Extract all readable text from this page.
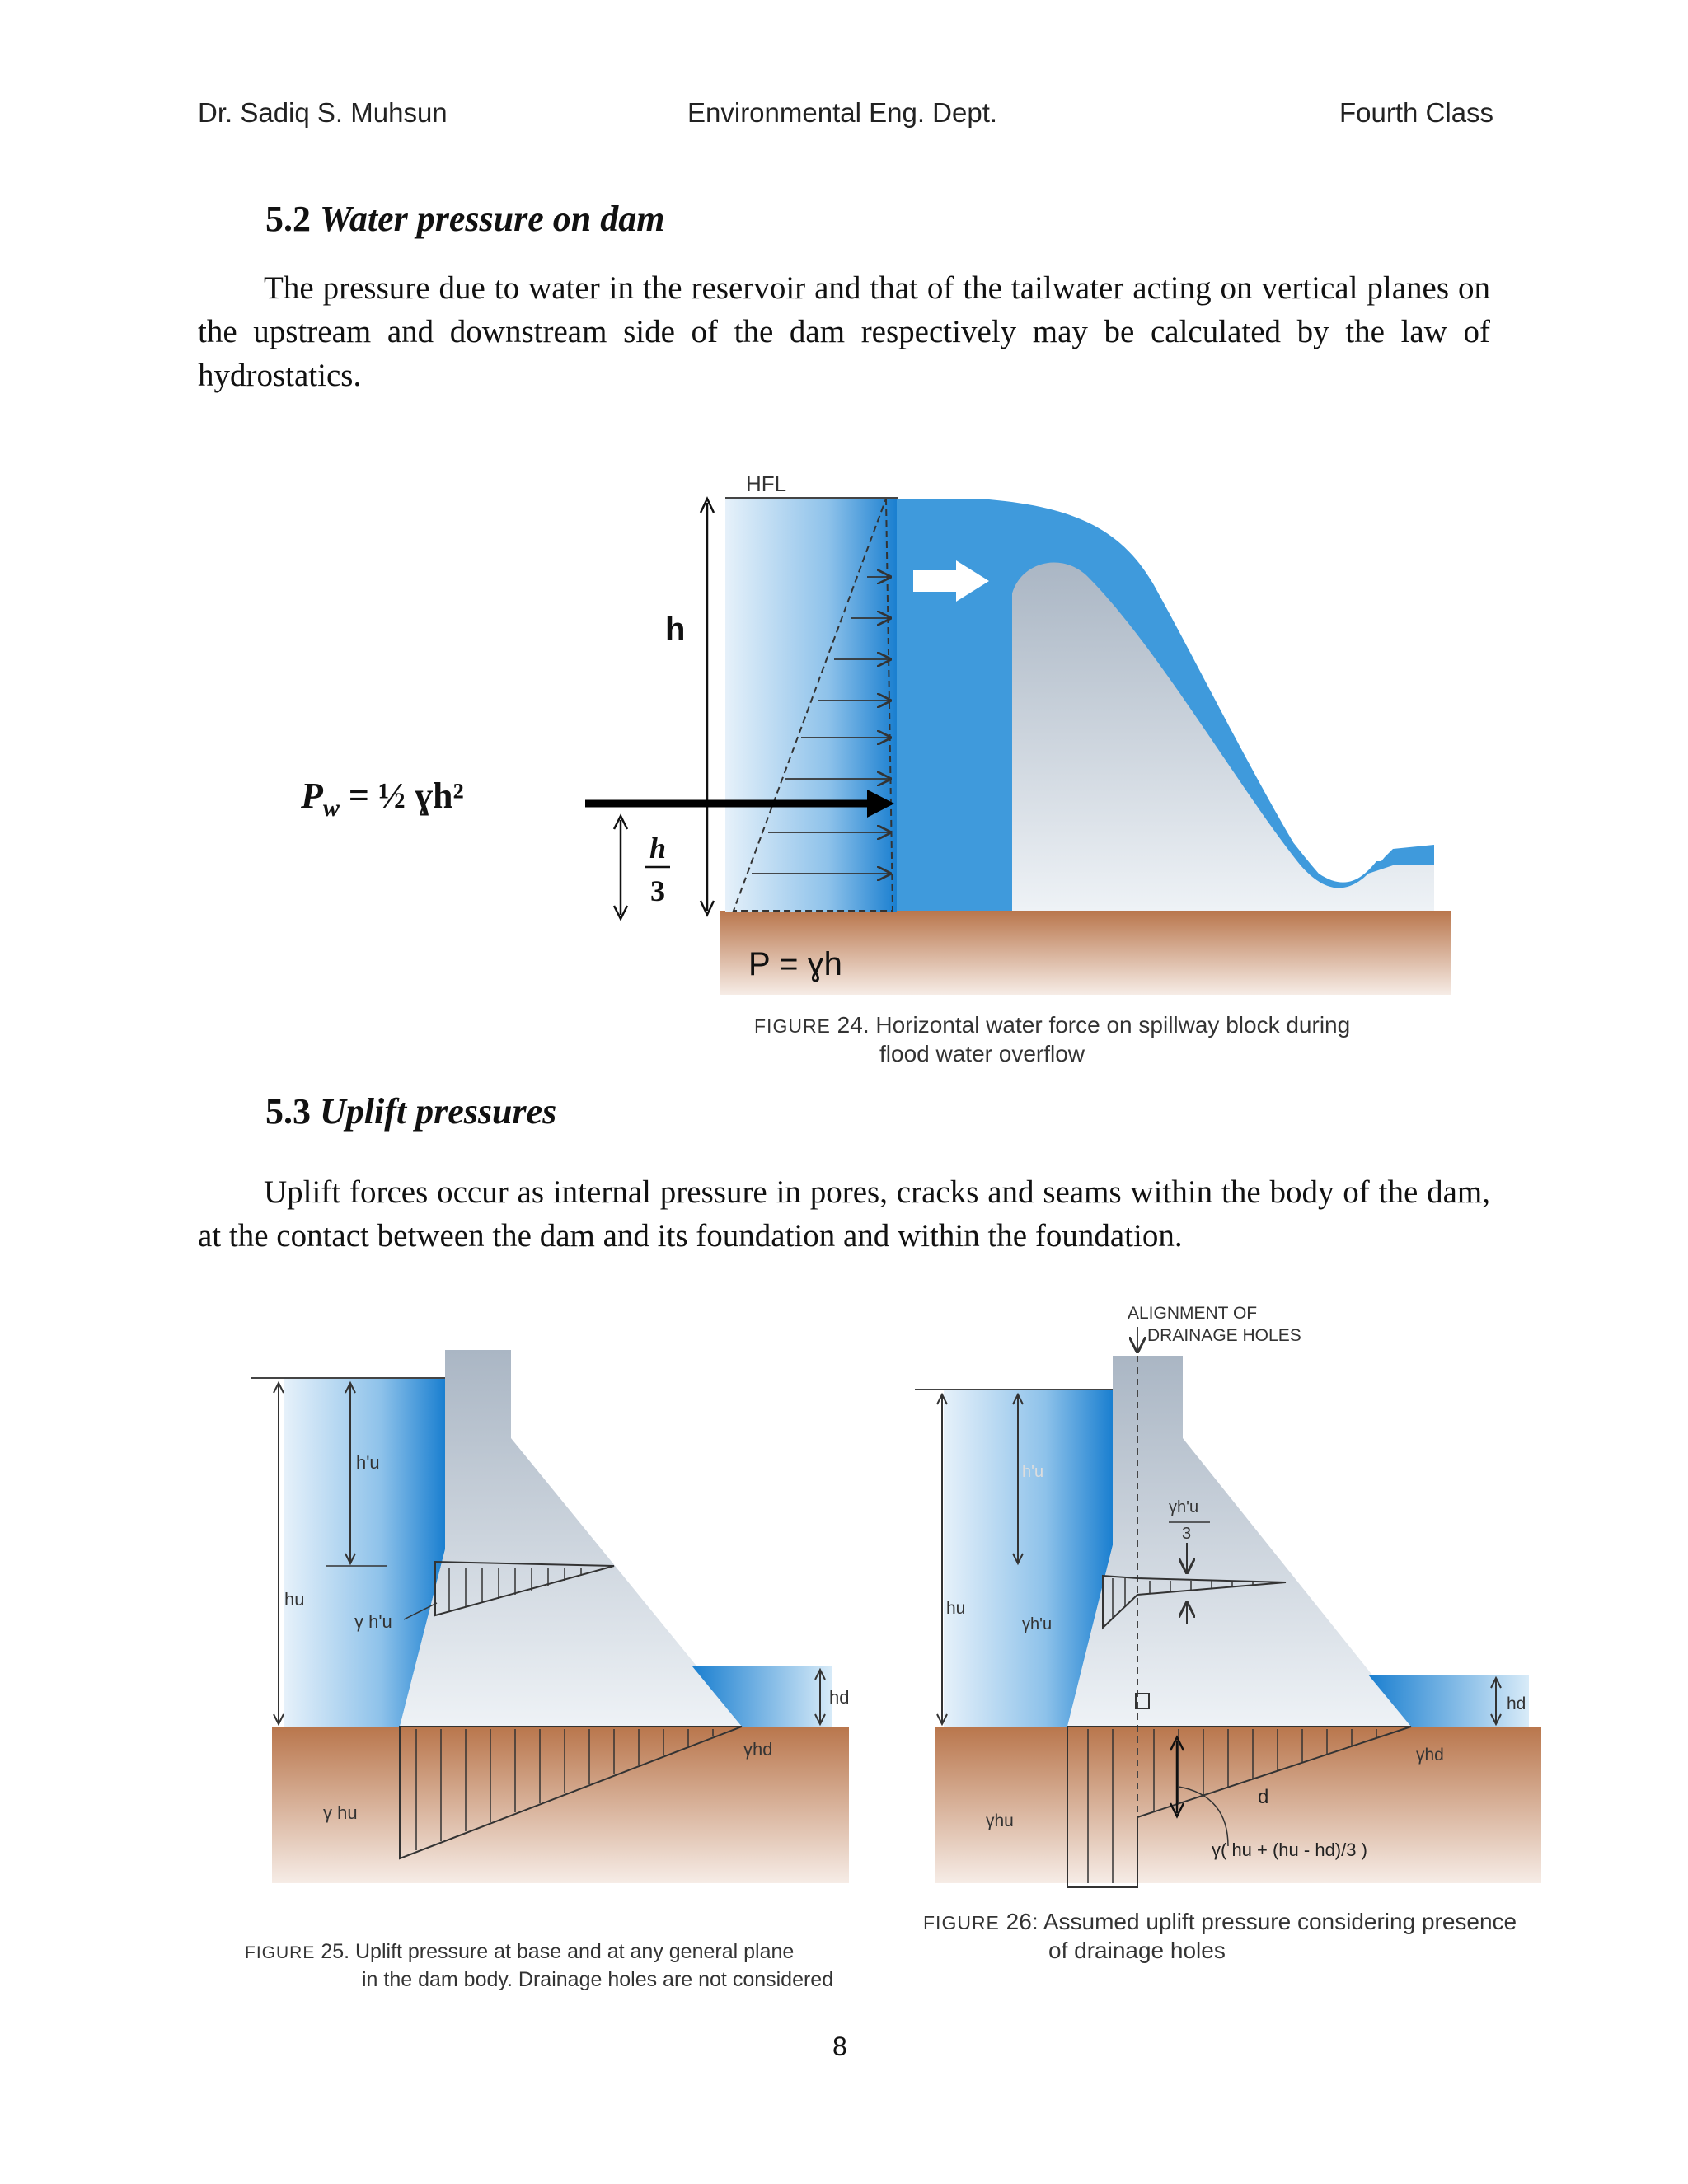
Dr. Sadiq S. Muhsun	Environmental Eng. Dept.	Fourth Class
5.2 Water pressure on dam
The pressure due to water in the reservoir and that of the tailwater acting on vertical planes on the upstream and downstream side of the dam respectively may be calculated by the law of hydrostatics.
HFL
h
$P_w$ = ½ ɣh²
h
3
P = ɣh
FIGURE 24. Horizontal water force on spillway block during
flood water overflow
5.3 Uplift pressures
Uplift forces occur as internal pressure in pores, cracks and seams within the body of the dam, at the contact between the dam and its foundation and within the foundation.
h'u
hu
γ h'u
hd
γhd
γ hu
FIGURE 25. Uplift pressure at base and at any general plane
in the dam body. Drainage holes are not considered
ALIGNMENT OF
DRAINAGE HOLES
h'u
γh'u
3
hu
γh'u
hd
γhd
d
γhu
γ( hu + (hu - hd)/3 )
FIGURE 26: Assumed uplift pressure considering presence
of drainage holes
8
